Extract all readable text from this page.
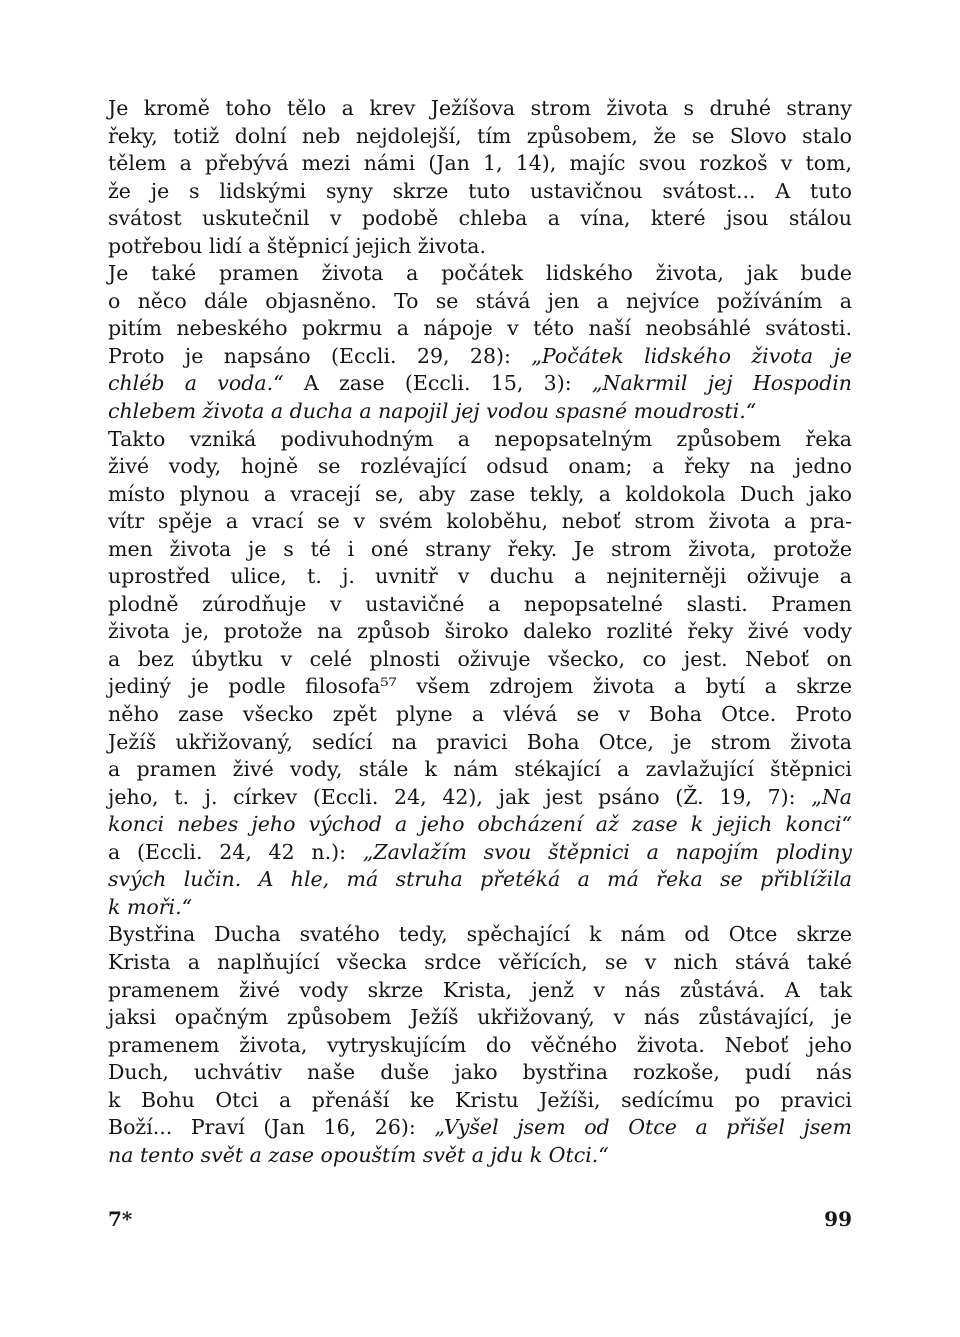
Je kromě toho tělo a krev Ježíšova strom života s druhé strany
řeky, totiž dolní neb nejdolejší, tím způsobem, že se Slovo stalo
tělem a přebývá mezi námi (Jan 1, 14), majíc svou rozkoš v tom,
že je s lidskými syny skrze tuto ustavičnou svátost... A tuto
svátost uskutečnil v podobě chleba a vína, které jsou stálou
potřebou lidí a štěpnicí jejich života.
Je také pramen života a počátek lidského života, jak bude
o něco dále objasněno. To se stává jen a nejvíce požíváním a
pitím nebeského pokrmu a nápoje v této naší neobsáhlé svátosti.
Proto je napsáno (Eccli. 29, 28): „Počátek lidského života je
chléb a voda.“ A zase (Eccli. 15, 3): „Nakrmil jej Hospodin
chlebem života a ducha a napojil jej vodou spasné moudrosti.“
Takto vzniká podivuhodným a nepopsatelným způsobem řeka
živé vody, hojně se rozlévající odsud onam; a řeky na jedno
místo plynou a vracejí se, aby zase tekly, a koldokola Duch jako
vítr spěje a vrací se v svém koloběhu, neboť strom života a pra-
men života je s té i oné strany řeky. Je strom života, protože
uprostřed ulice, t. j. uvnitř v duchu a nejniterněji oživuje a
plodně zúrodňuje v ustavičné a nepopsatelné slasti. Pramen
života je, protože na způsob široko daleko rozlité řeky živé vody
a bez úbytku v celé plnosti oživuje všecko, co jest. Neboť on
jediný je podle filosofa⁵⁷ všem zdrojem života a bytí a skrze
něho zase všecko zpět plyne a vlévá se v Boha Otce. Proto
Ježíš ukřižovaný, sedící na pravici Boha Otce, je strom života
a pramen živé vody, stále k nám stékající a zavlažující štěpnici
jeho, t. j. církev (Eccli. 24, 42), jak jest psáno (Ž. 19, 7): „Na
konci nebes jeho východ a jeho obcházení až zase k jejich konci“
a (Eccli. 24, 42 n.): „Zavlažím svou štěpnici a napojím plodiny
svých lučin. A hle, má struha přetéká a má řeka se přiblížila
k moři.“
Bystřina Ducha svatého tedy, spěchající k nám od Otce skrze
Krista a naplňující všecka srdce věřících, se v nich stává také
pramenem živé vody skrze Krista, jenž v nás zůstává. A tak
jaksi opačným způsobem Ježíš ukřižovaný, v nás zůstávající, je
pramenem života, vytryskujícím do věčného života. Neboť jeho
Duch, uchvátiv naše duše jako bystřina rozkoše, pudí nás
k Bohu Otci a přenáší ke Kristu Ježíši, sedícímu po pravici
Boží... Praví (Jan 16, 26): „Vyšel jsem od Otce a přišel jsem
na tento svět a zase opouštím svět a jdu k Otci.“
7*	99
